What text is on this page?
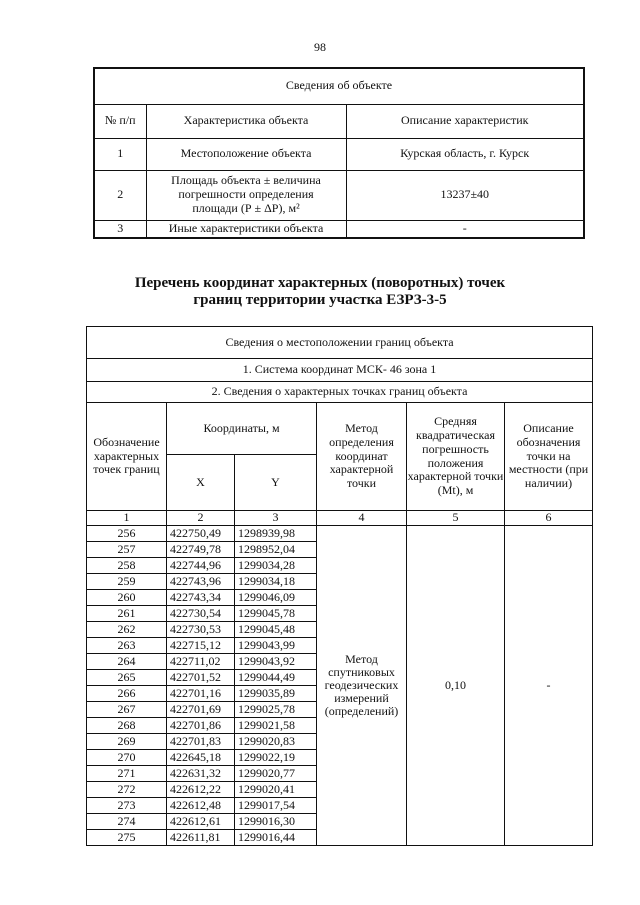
98
Сведения об объекте		
№ п/п	Характеристика объекта	Описание характеристик
1	Местоположение объекта	Курская область, г. Курск
2	Площадь объекта ± величина погрешности определения площади (Р ± ΔР), м²	13237±40
3	Иные характеристики объекта	-
Перечень координат характерных (поворотных) точек
границ территории участка ЕЗРЗ-3-5
Сведения о местоположении границ объекта					
1. Система координат МСК- 46 зона 1					
2. Сведения о характерных точках границ объекта					
Обозначение характерных точек границ	Координаты, м		Метод определения координат характерной точки	Средняя квадратическая погрешность положения характерной точки (Mt), м	Описание обозначения точки на местности (при наличии)
	X	Y			
1	2	3	4	5	6
256	422750,49	1298939,98	Метод спутниковых геодезических измерений (определений)	0,10	-
257	422749,78	1298952,04			
258	422744,96	1299034,28			
259	422743,96	1299034,18			
260	422743,34	1299046,09			
261	422730,54	1299045,78			
262	422730,53	1299045,48			
263	422715,12	1299043,99			
264	422711,02	1299043,92			
265	422701,52	1299044,49			
266	422701,16	1299035,89			
267	422701,69	1299025,78			
268	422701,86	1299021,58			
269	422701,83	1299020,83			
270	422645,18	1299022,19			
271	422631,32	1299020,77			
272	422612,22	1299020,41			
273	422612,48	1299017,54			
274	422612,61	1299016,30			
275	422611,81	1299016,44			
